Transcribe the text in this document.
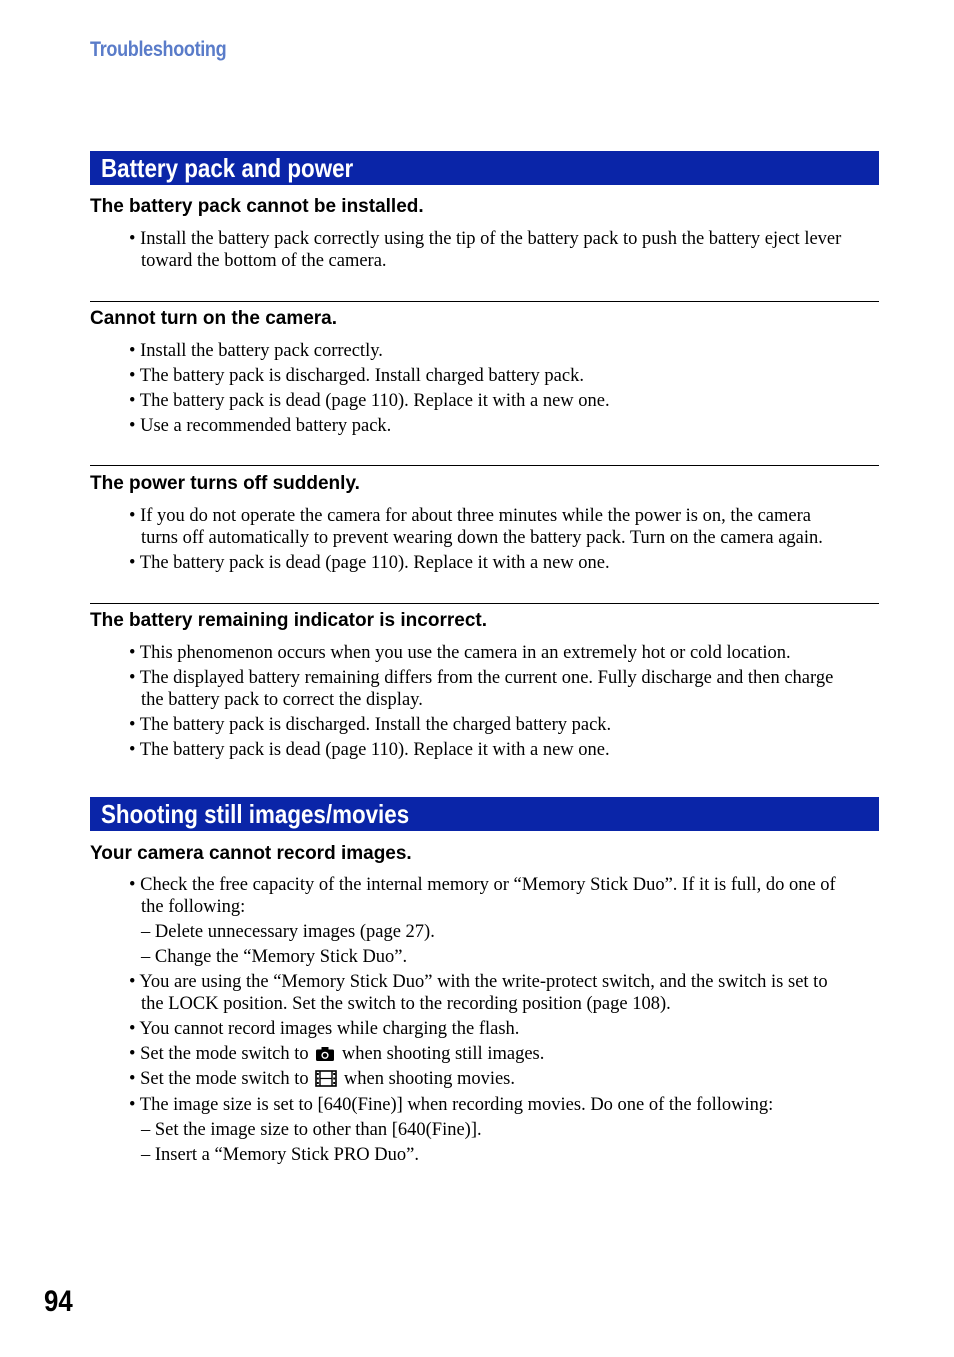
Troubleshooting
Battery pack and power
The battery pack cannot be installed.
• Install the battery pack correctly using the tip of the battery pack to push the battery eject lever
toward the bottom of the camera.
Cannot turn on the camera.
• Install the battery pack correctly.
• The battery pack is discharged. Install charged battery pack.
• The battery pack is dead (page 110). Replace it with a new one.
• Use a recommended battery pack.
The power turns off suddenly.
• If you do not operate the camera for about three minutes while the power is on, the camera
turns off automatically to prevent wearing down the battery pack. Turn on the camera again.
• The battery pack is dead (page 110). Replace it with a new one.
The battery remaining indicator is incorrect.
• This phenomenon occurs when you use the camera in an extremely hot or cold location.
• The displayed battery remaining differs from the current one. Fully discharge and then charge
the battery pack to correct the display.
• The battery pack is discharged. Install the charged battery pack.
• The battery pack is dead (page 110). Replace it with a new one.
Shooting still images/movies
Your camera cannot record images.
• Check the free capacity of the internal memory or “Memory Stick Duo”. If it is full, do one of
the following:
– Delete unnecessary images (page 27).
– Change the “Memory Stick Duo”.
• You are using the “Memory Stick Duo” with the write-protect switch, and the switch is set to
the LOCK position. Set the switch to the recording position (page 108).
• You cannot record images while charging the flash.
• Set the mode switch to when shooting still images.
• Set the mode switch to when shooting movies.
• The image size is set to [640(Fine)] when recording movies. Do one of the following:
– Set the image size to other than [640(Fine)].
– Insert a “Memory Stick PRO Duo”.
94
